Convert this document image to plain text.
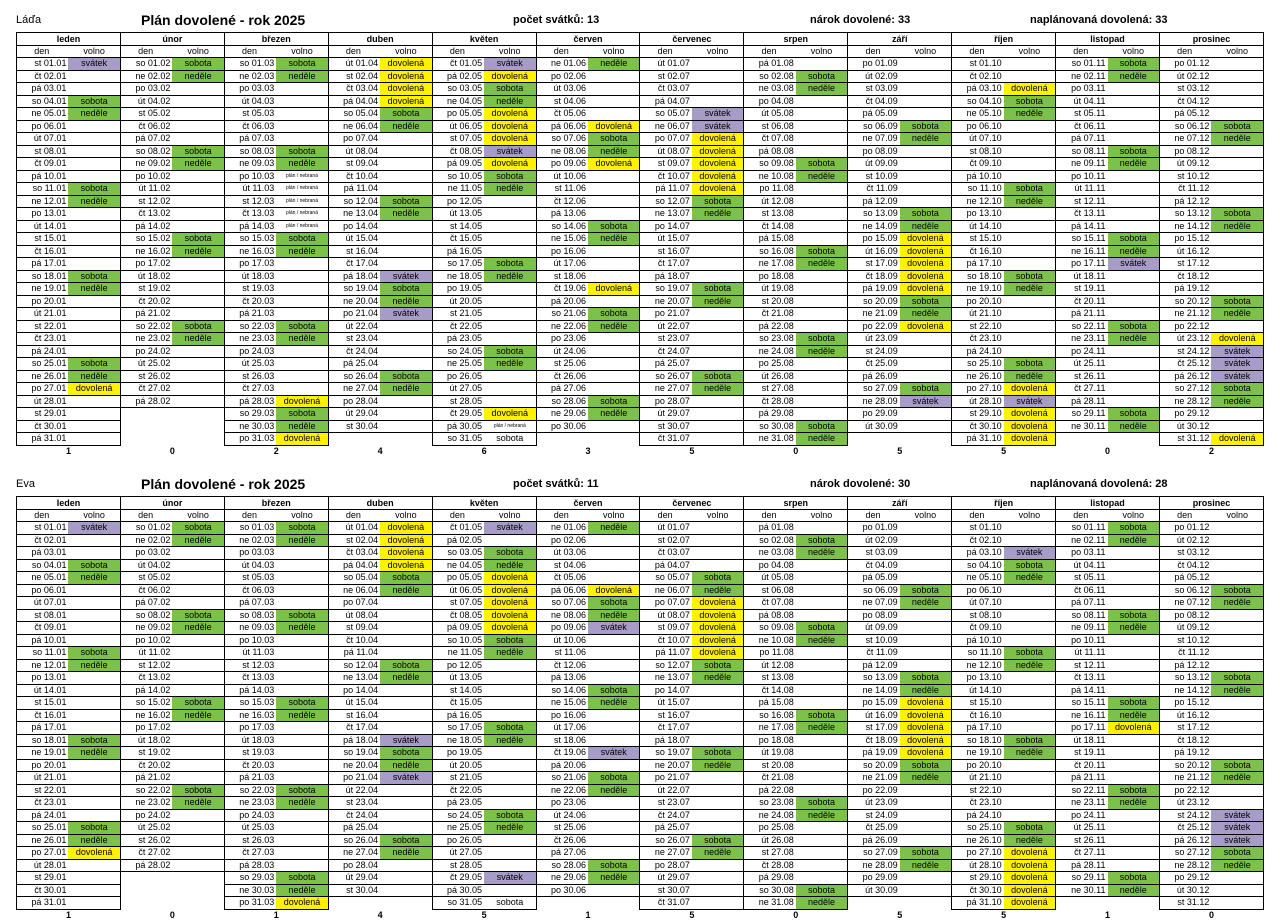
Láďa	Plán dovolené - rok 2025	počet svátků: 13	nárok dovolené: 33	naplánovaná dovolená: 33
leden		únor		březen		duben		květen		červen		červenec		srpen		září		říjen		listopad		prosinec	
den	volno	den	volno	den	volno	den	volno	den	volno	den	volno	den	volno	den	volno	den	volno	den	volno	den	volno	den	volno
st 01.01	svátek	so 01.02	sobota	so 01.03	sobota	út 01.04	dovolená	čt 01.05	svátek	ne 01.06	neděle	út 01.07		pá 01.08		po 01.09		st 01.10		so 01.11	sobota	po 01.12	
čt 02.01		ne 02.02	neděle	ne 02.03	neděle	st 02.04	dovolená	pá 02.05	dovolená	po 02.06		st 02.07		so 02.08	sobota	út 02.09		čt 02.10		ne 02.11	neděle	út 02.12	
pá 03.01		po 03.02		po 03.03		čt 03.04	dovolená	so 03.05	sobota	út 03.06		čt 03.07		ne 03.08	neděle	st 03.09		pá 03.10	dovolená	po 03.11		st 03.12	
so 04.01	sobota	út 04.02		út 04.03		pá 04.04	dovolená	ne 04.05	neděle	st 04.06		pá 04.07		po 04.08		čt 04.09		so 04.10	sobota	út 04.11		čt 04.12	
ne 05.01	neděle	st 05.02		st 05.03		so 05.04	sobota	po 05.05	dovolená	čt 05.06		so 05.07	svátek	út 05.08		pá 05.09		ne 05.10	neděle	st 05.11		pá 05.12	
po 06.01		čt 06.02		čt 06.03		ne 06.04	neděle	út 06.05	dovolená	pá 06.06	dovolená	ne 06.07	svátek	st 06.08		so 06.09	sobota	po 06.10		čt 06.11		so 06.12	sobota
út 07.01		pá 07.02		pá 07.03		po 07.04		st 07.05	dovolená	so 07.06	sobota	po 07.07	dovolená	čt 07.08		ne 07.09	neděle	út 07.10		pá 07.11		ne 07.12	neděle
st 08.01		so 08.02	sobota	so 08.03	sobota	út 08.04		čt 08.05	svátek	ne 08.06	neděle	út 08.07	dovolená	pá 08.08		po 08.09		st 08.10		so 08.11	sobota	po 08.12	
čt 09.01		ne 09.02	neděle	ne 09.03	neděle	st 09.04		pá 09.05	dovolená	po 09.06	dovolená	st 09.07	dovolená	so 09.08	sobota	út 09.09		čt 09.10		ne 09.11	neděle	út 09.12	
pá 10.01		po 10.02		po 10.03	plán / nebraná	čt 10.04		so 10.05	sobota	út 10.06		čt 10.07	dovolená	ne 10.08	neděle	st 10.09		pá 10.10		po 10.11		st 10.12	
so 11.01	sobota	út 11.02		út 11.03	plán / nebraná	pá 11.04		ne 11.05	neděle	st 11.06		pá 11.07	dovolená	po 11.08		čt 11.09		so 11.10	sobota	út 11.11		čt 11.12	
ne 12.01	neděle	st 12.02		st 12.03	plán / nebraná	so 12.04	sobota	po 12.05		čt 12.06		so 12.07	sobota	út 12.08		pá 12.09		ne 12.10	neděle	st 12.11		pá 12.12	
po 13.01		čt 13.02		čt 13.03	plán / nebraná	ne 13.04	neděle	út 13.05		pá 13.06		ne 13.07	neděle	st 13.08		so 13.09	sobota	po 13.10		čt 13.11		so 13.12	sobota
út 14.01		pá 14.02		pá 14.03	plán / nebraná	po 14.04		st 14.05		so 14.06	sobota	po 14.07		čt 14.08		ne 14.09	neděle	út 14.10		pá 14.11		ne 14.12	neděle
st 15.01		so 15.02	sobota	so 15.03	sobota	út 15.04		čt 15.05		ne 15.06	neděle	út 15.07		pá 15.08		po 15.09	dovolená	st 15.10		so 15.11	sobota	po 15.12	
čt 16.01		ne 16.02	neděle	ne 16.03	neděle	st 16.04		pá 16.05		po 16.06		st 16.07		so 16.08	sobota	út 16.09	dovolená	čt 16.10		ne 16.11	neděle	út 16.12	
pá 17.01		po 17.02		po 17.03		čt 17.04		so 17.05	sobota	út 17.06		čt 17.07		ne 17.08	neděle	st 17.09	dovolená	pá 17.10		po 17.11	svátek	st 17.12	
so 18.01	sobota	út 18.02		út 18.03		pá 18.04	svátek	ne 18.05	neděle	st 18.06		pá 18.07		po 18.08		čt 18.09	dovolená	so 18.10	sobota	út 18.11		čt 18.12	
ne 19.01	neděle	st 19.02		st 19.03		so 19.04	sobota	po 19.05		čt 19.06	dovolená	so 19.07	sobota	út 19.08		pá 19.09	dovolená	ne 19.10	neděle	st 19.11		pá 19.12	
po 20.01		čt 20.02		čt 20.03		ne 20.04	neděle	út 20.05		pá 20.06		ne 20.07	neděle	st 20.08		so 20.09	sobota	po 20.10		čt 20.11		so 20.12	sobota
út 21.01		pá 21.02		pá 21.03		po 21.04	svátek	st 21.05		so 21.06	sobota	po 21.07		čt 21.08		ne 21.09	neděle	út 21.10		pá 21.11		ne 21.12	neděle
st 22.01		so 22.02	sobota	so 22.03	sobota	út 22.04		čt 22.05		ne 22.06	neděle	út 22.07		pá 22.08		po 22.09	dovolená	st 22.10		so 22.11	sobota	po 22.12	
čt 23.01		ne 23.02	neděle	ne 23.03	neděle	st 23.04		pá 23.05		po 23.06		st 23.07		so 23.08	sobota	út 23.09		čt 23.10		ne 23.11	neděle	út 23.12	dovolená
pá 24.01		po 24.02		po 24.03		čt 24.04		so 24.05	sobota	út 24.06		čt 24.07		ne 24.08	neděle	st 24.09		pá 24.10		po 24.11		st 24.12	svátek
so 25.01	sobota	út 25.02		út 25.03		pá 25.04		ne 25.05	neděle	st 25.06		pá 25.07		po 25.08		čt 25.09		so 25.10	sobota	út 25.11		čt 25.12	svátek
ne 26.01	neděle	st 26.02		st 26.03		so 26.04	sobota	po 26.05		čt 26.06		so 26.07	sobota	út 26.08		pá 26.09		ne 26.10	neděle	st 26.11		pá 26.12	svátek
po 27.01	dovolená	čt 27.02		čt 27.03		ne 27.04	neděle	út 27.05		pá 27.06		ne 27.07	neděle	st 27.08		so 27.09	sobota	po 27.10	dovolená	čt 27.11		so 27.12	sobota
út 28.01		pá 28.02		pá 28.03	dovolená	po 28.04		st 28.05		so 28.06	sobota	po 28.07		čt 28.08		ne 28.09	svátek	út 28.10	svátek	pá 28.11		ne 28.12	neděle
st 29.01				so 29.03	sobota	út 29.04		čt 29.05	dovolená	ne 29.06	neděle	út 29.07		pá 29.08		po 29.09		st 29.10	dovolená	so 29.11	sobota	po 29.12	
čt 30.01				ne 30.03	neděle	st 30.04		pá 30.05	plán / nebraná	po 30.06		st 30.07		so 30.08	sobota	út 30.09		čt 30.10	dovolená	ne 30.11	neděle	út 30.12	
pá 31.01				po 31.03	dovolená			so 31.05	sobota			čt 31.07		ne 31.08	neděle			pá 31.10	dovolená			st 31.12	dovolená
1		0		2		4		6		3		5		0		5		5		0		2	
Eva	Plán dovolené - rok 2025	počet svátků: 11	nárok dovolené: 30	naplánovaná dovolená: 28
leden		únor		březen		duben		květen		červen		červenec		srpen		září		říjen		listopad		prosinec	
den	volno	den	volno	den	volno	den	volno	den	volno	den	volno	den	volno	den	volno	den	volno	den	volno	den	volno	den	volno
st 01.01	svátek	so 01.02	sobota	so 01.03	sobota	út 01.04	dovolená	čt 01.05	svátek	ne 01.06	neděle	út 01.07		pá 01.08		po 01.09		st 01.10		so 01.11	sobota	po 01.12	
čt 02.01		ne 02.02	neděle	ne 02.03	neděle	st 02.04	dovolená	pá 02.05		po 02.06		st 02.07		so 02.08	sobota	út 02.09		čt 02.10		ne 02.11	neděle	út 02.12	
pá 03.01		po 03.02		po 03.03		čt 03.04	dovolená	so 03.05	sobota	út 03.06		čt 03.07		ne 03.08	neděle	st 03.09		pá 03.10	svátek	po 03.11		st 03.12	
so 04.01	sobota	út 04.02		út 04.03		pá 04.04	dovolená	ne 04.05	neděle	st 04.06		pá 04.07		po 04.08		čt 04.09		so 04.10	sobota	út 04.11		čt 04.12	
ne 05.01	neděle	st 05.02		st 05.03		so 05.04	sobota	po 05.05	dovolená	čt 05.06		so 05.07	sobota	út 05.08		pá 05.09		ne 05.10	neděle	st 05.11		pá 05.12	
po 06.01		čt 06.02		čt 06.03		ne 06.04	neděle	út 06.05	dovolená	pá 06.06	dovolená	ne 06.07	neděle	st 06.08		so 06.09	sobota	po 06.10		čt 06.11		so 06.12	sobota
út 07.01		pá 07.02		pá 07.03		po 07.04		st 07.05	dovolená	so 07.06	sobota	po 07.07	dovolená	čt 07.08		ne 07.09	neděle	út 07.10		pá 07.11		ne 07.12	neděle
st 08.01		so 08.02	sobota	so 08.03	sobota	út 08.04		čt 08.05	dovolená	ne 08.06	neděle	út 08.07	dovolená	pá 08.08		po 08.09		st 08.10		so 08.11	sobota	po 08.12	
čt 09.01		ne 09.02	neděle	ne 09.03	neděle	st 09.04		pá 09.05	dovolená	po 09.06	svátek	st 09.07	dovolená	so 09.08	sobota	út 09.09		čt 09.10		ne 09.11	neděle	út 09.12	
pá 10.01		po 10.02		po 10.03		čt 10.04		so 10.05	sobota	út 10.06		čt 10.07	dovolená	ne 10.08	neděle	st 10.09		pá 10.10		po 10.11		st 10.12	
so 11.01	sobota	út 11.02		út 11.03		pá 11.04		ne 11.05	neděle	st 11.06		pá 11.07	dovolená	po 11.08		čt 11.09		so 11.10	sobota	út 11.11		čt 11.12	
ne 12.01	neděle	st 12.02		st 12.03		so 12.04	sobota	po 12.05		čt 12.06		so 12.07	sobota	út 12.08		pá 12.09		ne 12.10	neděle	st 12.11		pá 12.12	
po 13.01		čt 13.02		čt 13.03		ne 13.04	neděle	út 13.05		pá 13.06		ne 13.07	neděle	st 13.08		so 13.09	sobota	po 13.10		čt 13.11		so 13.12	sobota
út 14.01		pá 14.02		pá 14.03		po 14.04		st 14.05		so 14.06	sobota	po 14.07		čt 14.08		ne 14.09	neděle	út 14.10		pá 14.11		ne 14.12	neděle
st 15.01		so 15.02	sobota	so 15.03	sobota	út 15.04		čt 15.05		ne 15.06	neděle	út 15.07		pá 15.08		po 15.09	dovolená	st 15.10		so 15.11	sobota	po 15.12	
čt 16.01		ne 16.02	neděle	ne 16.03	neděle	st 16.04		pá 16.05		po 16.06		st 16.07		so 16.08	sobota	út 16.09	dovolená	čt 16.10		ne 16.11	neděle	út 16.12	
pá 17.01		po 17.02		po 17.03		čt 17.04		so 17.05	sobota	út 17.06		čt 17.07		ne 17.08	neděle	st 17.09	dovolená	pá 17.10		po 17.11	dovolená	st 17.12	
so 18.01	sobota	út 18.02		út 18.03		pá 18.04	svátek	ne 18.05	neděle	st 18.06		pá 18.07		po 18.08		čt 18.09	dovolená	so 18.10	sobota	út 18.11		čt 18.12	
ne 19.01	neděle	st 19.02		st 19.03		so 19.04	sobota	po 19.05		čt 19.06	svátek	so 19.07	sobota	út 19.08		pá 19.09	dovolená	ne 19.10	neděle	st 19.11		pá 19.12	
po 20.01		čt 20.02		čt 20.03		ne 20.04	neděle	út 20.05		pá 20.06		ne 20.07	neděle	st 20.08		so 20.09	sobota	po 20.10		čt 20.11		so 20.12	sobota
út 21.01		pá 21.02		pá 21.03		po 21.04	svátek	st 21.05		so 21.06	sobota	po 21.07		čt 21.08		ne 21.09	neděle	út 21.10		pá 21.11		ne 21.12	neděle
st 22.01		so 22.02	sobota	so 22.03	sobota	út 22.04		čt 22.05		ne 22.06	neděle	út 22.07		pá 22.08		po 22.09		st 22.10		so 22.11	sobota	po 22.12	
čt 23.01		ne 23.02	neděle	ne 23.03	neděle	st 23.04		pá 23.05		po 23.06		st 23.07		so 23.08	sobota	út 23.09		čt 23.10		ne 23.11	neděle	út 23.12	
pá 24.01		po 24.02		po 24.03		čt 24.04		so 24.05	sobota	út 24.06		čt 24.07		ne 24.08	neděle	st 24.09		pá 24.10		po 24.11		st 24.12	svátek
so 25.01	sobota	út 25.02		út 25.03		pá 25.04		ne 25.05	neděle	st 25.06		pá 25.07		po 25.08		čt 25.09		so 25.10	sobota	út 25.11		čt 25.12	svátek
ne 26.01	neděle	st 26.02		st 26.03		so 26.04	sobota	po 26.05		čt 26.06		so 26.07	sobota	út 26.08		pá 26.09		ne 26.10	neděle	st 26.11		pá 26.12	svátek
po 27.01	dovolená	čt 27.02		čt 27.03		ne 27.04	neděle	út 27.05		pá 27.06		ne 27.07	neděle	st 27.08		so 27.09	sobota	po 27.10	dovolená	čt 27.11		so 27.12	sobota
út 28.01		pá 28.02		pá 28.03		po 28.04		st 28.05		so 28.06	sobota	po 28.07		čt 28.08		ne 28.09	neděle	út 28.10	dovolená	pá 28.11		ne 28.12	neděle
st 29.01				so 29.03	sobota	út 29.04		čt 29.05	svátek	ne 29.06	neděle	út 29.07		pá 29.08		po 29.09		st 29.10	dovolená	so 29.11	sobota	po 29.12	
čt 30.01				ne 30.03	neděle	st 30.04		pá 30.05		po 30.06		st 30.07		so 30.08	sobota	út 30.09		čt 30.10	dovolená	ne 30.11	neděle	út 30.12	
pá 31.01				po 31.03	dovolená			so 31.05	sobota			čt 31.07		ne 31.08	neděle			pá 31.10	dovolená			st 31.12	
1		0		1		4		5		1		5		0		5		5		1		0	
